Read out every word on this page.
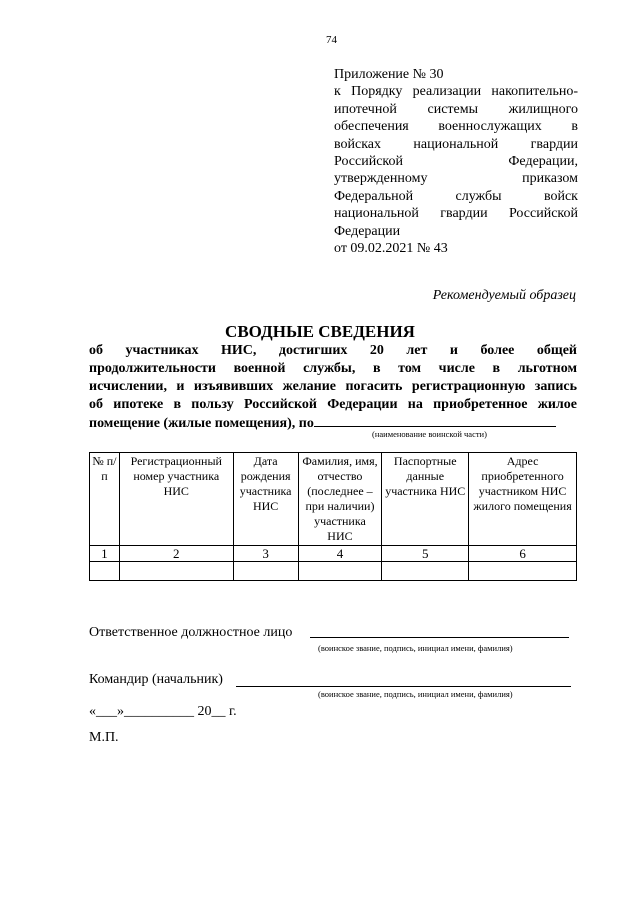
74
Приложение № 30
к Порядку реализации накопительно-
ипотечной системы жилищного
обеспечения военнослужащих в
войсках национальной гвардии
Российской Федерации,
утвержденному приказом
Федеральной службы войск
национальной гвардии Российской
Федерации
от 09.02.2021 № 43
Рекомендуемый образец
СВОДНЫЕ СВЕДЕНИЯ
об участниках НИС, достигших 20 лет и более общей
продолжительности военной службы, в том числе в льготном
исчислении, и изъявивших желание погасить регистрационную запись
об ипотеке в пользу Российской Федерации на приобретенное жилое
помещение (жилые помещения), по
(наименование воинской части)
№ п/п	Регистрационный номер участника НИС	Дата рождения участника НИС	Фамилия, имя, отчество (последнее – при наличии) участника НИС	Паспортные данные участника НИС	Адрес приобретенного участником НИС жилого помещения
1	2	3	4	5	6

Ответственное должностное лицо
(воинское звание, подпись, инициал имени, фамилия)
Командир (начальник)
(воинское звание, подпись, инициал имени, фамилия)
«___»__________ 20__ г.
М.П.
